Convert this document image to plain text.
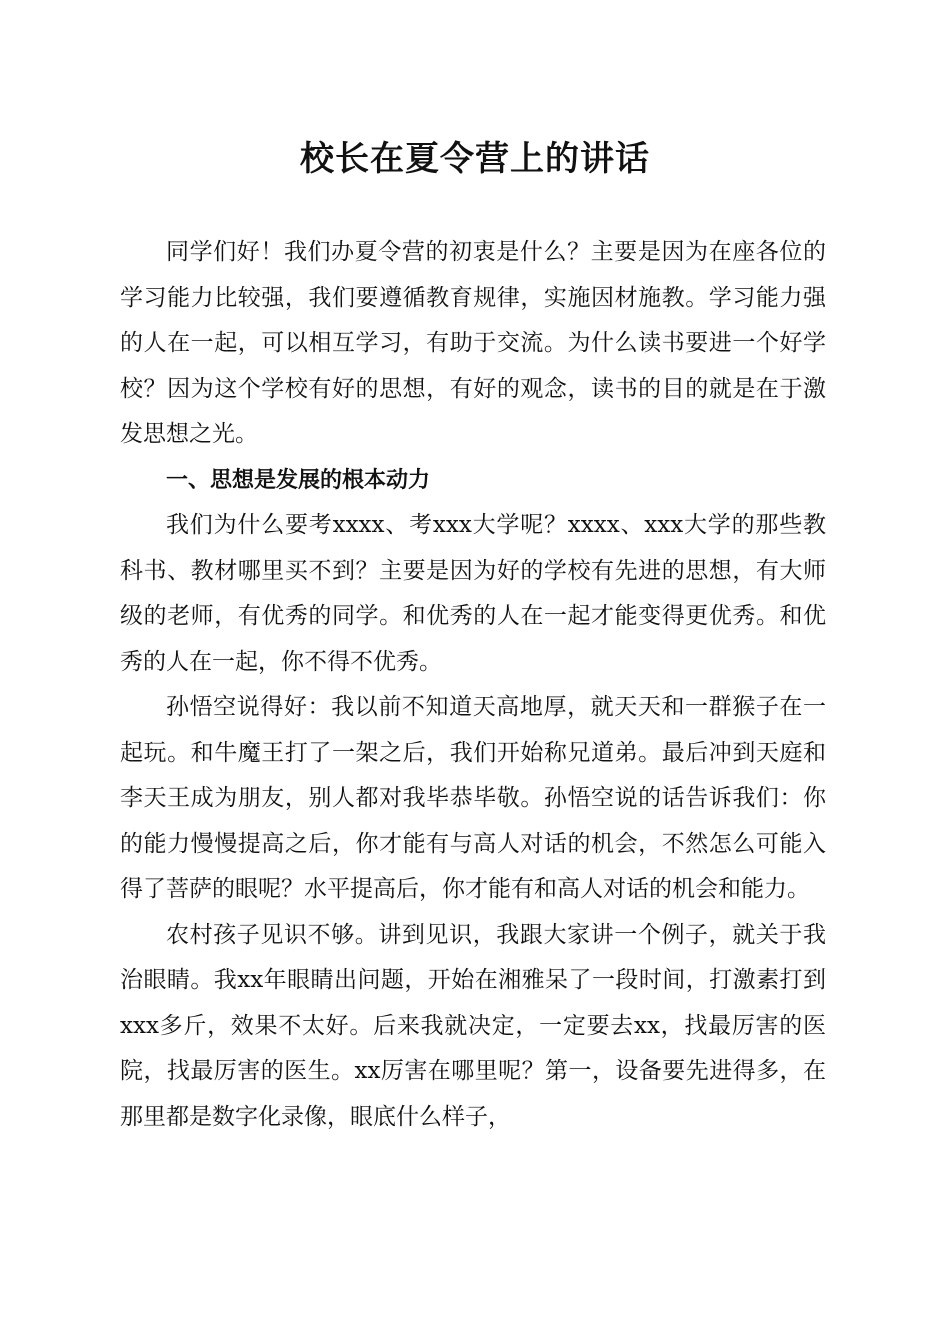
校长在夏令营上的讲话

同学们好！我们办夏令营的初衷是什么？主要是因为在座各位的学习能力比较强，我们要遵循教育规律，实施因材施教。学习能力强的人在一起，可以相互学习，有助于交流。为什么读书要进一个好学校？因为这个学校有好的思想，有好的观念，读书的目的就是在于激发思想之光。

一、思想是发展的根本动力

我们为什么要考xxxx、考xxx大学呢？xxxx、xxx大学的那些教科书、教材哪里买不到？主要是因为好的学校有先进的思想，有大师级的老师，有优秀的同学。和优秀的人在一起才能变得更优秀。和优秀的人在一起，你不得不优秀。

孙悟空说得好：我以前不知道天高地厚，就天天和一群猴子在一起玩。和牛魔王打了一架之后，我们开始称兄道弟。最后冲到天庭和李天王成为朋友，别人都对我毕恭毕敬。孙悟空说的话告诉我们：你的能力慢慢提高之后，你才能有与高人对话的机会，不然怎么可能入得了菩萨的眼呢？水平提高后，你才能有和高人对话的机会和能力。

农村孩子见识不够。讲到见识，我跟大家讲一个例子，就关于我治眼睛。我xx年眼睛出问题，开始在湘雅呆了一段时间，打激素打到xxx多斤，效果不太好。后来我就决定，一定要去xx，找最厉害的医院，找最厉害的医生。xx厉害在哪里呢？第一，设备要先进得多，在那里都是数字化录像，眼底什么样子，
